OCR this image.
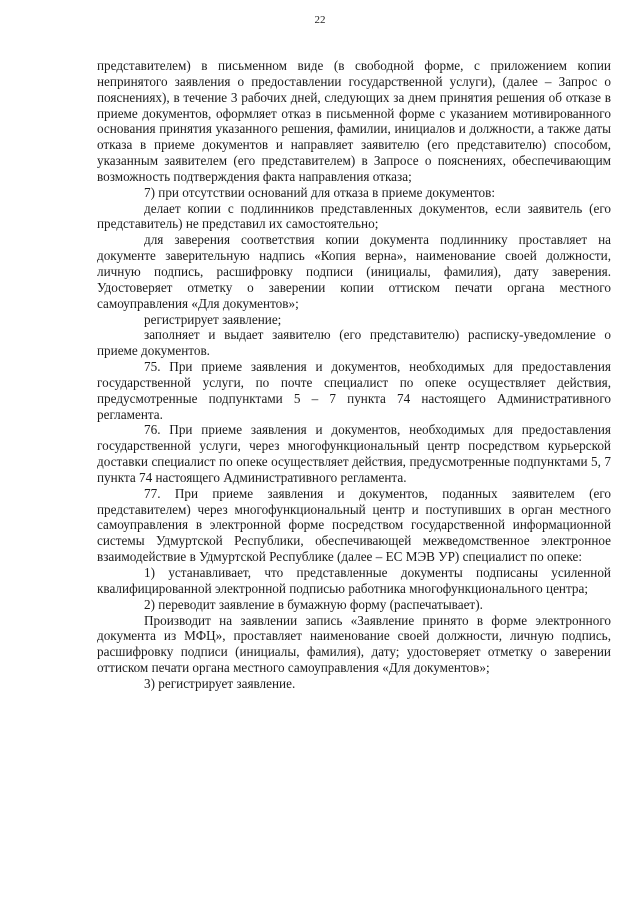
22

представителем) в письменном виде (в свободной форме, с приложением копии непринятого заявления о предоставлении государственной услуги), (далее – Запрос о пояснениях), в течение 3 рабочих дней, следующих за днем принятия решения об отказе в приеме документов, оформляет отказ в письменной форме с указанием мотивированного основания принятия указанного решения, фамилии, инициалов и должности, а также даты отказа в приеме документов и направляет заявителю (его представителю) способом, указанным заявителем (его представителем) в Запросе о пояснениях, обеспечивающим возможность подтверждения факта направления отказа;

7) при отсутствии оснований для отказа в приеме документов:

делает копии с подлинников представленных документов, если заявитель (его представитель) не представил их самостоятельно;

для заверения соответствия копии документа подлиннику проставляет на документе заверительную надпись «Копия верна», наименование своей должности, личную подпись, расшифровку подписи (инициалы, фамилия), дату заверения. Удостоверяет отметку о заверении копии оттиском печати органа местного самоуправления «Для документов»;

регистрирует заявление;

заполняет и выдает заявителю (его представителю) расписку-уведомление о приеме документов.

75. При приеме заявления и документов, необходимых для предоставления государственной услуги, по почте специалист по опеке осуществляет действия, предусмотренные подпунктами 5 – 7 пункта 74 настоящего Административного регламента.

76. При приеме заявления и документов, необходимых для предоставления государственной услуги, через многофункциональный центр посредством курьерской доставки специалист по опеке осуществляет действия, предусмотренные подпунктами 5, 7 пункта 74 настоящего Административного регламента.

77. При приеме заявления и документов, поданных заявителем (его представителем) через многофункциональный центр и поступивших в орган местного самоуправления в электронной форме посредством государственной информационной системы Удмуртской Республики, обеспечивающей межведомственное электронное взаимодействие в Удмуртской Республике (далее – ЕС МЭВ УР) специалист по опеке:

1) устанавливает, что представленные документы подписаны усиленной квалифицированной электронной подписью работника многофункционального центра;

2) переводит заявление в бумажную форму (распечатывает).

Производит на заявлении запись «Заявление принято в форме электронного документа из МФЦ», проставляет наименование своей должности, личную подпись, расшифровку подписи (инициалы, фамилия), дату; удостоверяет отметку о заверении оттиском печати органа местного самоуправления «Для документов»;

3) регистрирует заявление.
